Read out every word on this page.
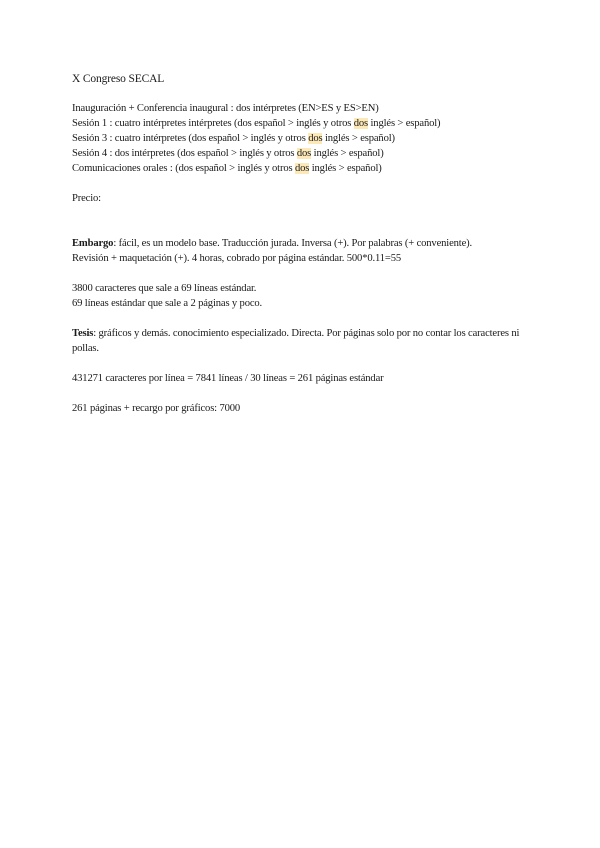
X Congreso SECAL
Inauguración + Conferencia inaugural : dos intérpretes (EN>ES y ES>EN)
Sesión 1 : cuatro intérpretes intérpretes (dos español > inglés y otros dos inglés > español)
Sesión 3 : cuatro intérpretes (dos español > inglés y otros dos inglés > español)
Sesión 4 : dos intérpretes (dos español > inglés y otros dos inglés > español)
Comunicaciones orales : (dos español > inglés y otros dos inglés > español)
Precio:
Embargo: fácil, es un modelo base. Traducción jurada. Inversa (+). Por palabras (+ conveniente).
Revisión + maquetación (+). 4 horas, cobrado por página estándar. 500*0.11=55
3800 caracteres que sale a 69 líneas estándar.
69 líneas estándar que sale a 2 páginas y poco.
Tesis: gráficos y demás. conocimiento especializado. Directa. Por páginas solo por no contar los caracteres ni pollas.
431271 caracteres por línea = 7841 líneas / 30 líneas = 261 páginas estándar
261 páginas + recargo por gráficos: 7000
